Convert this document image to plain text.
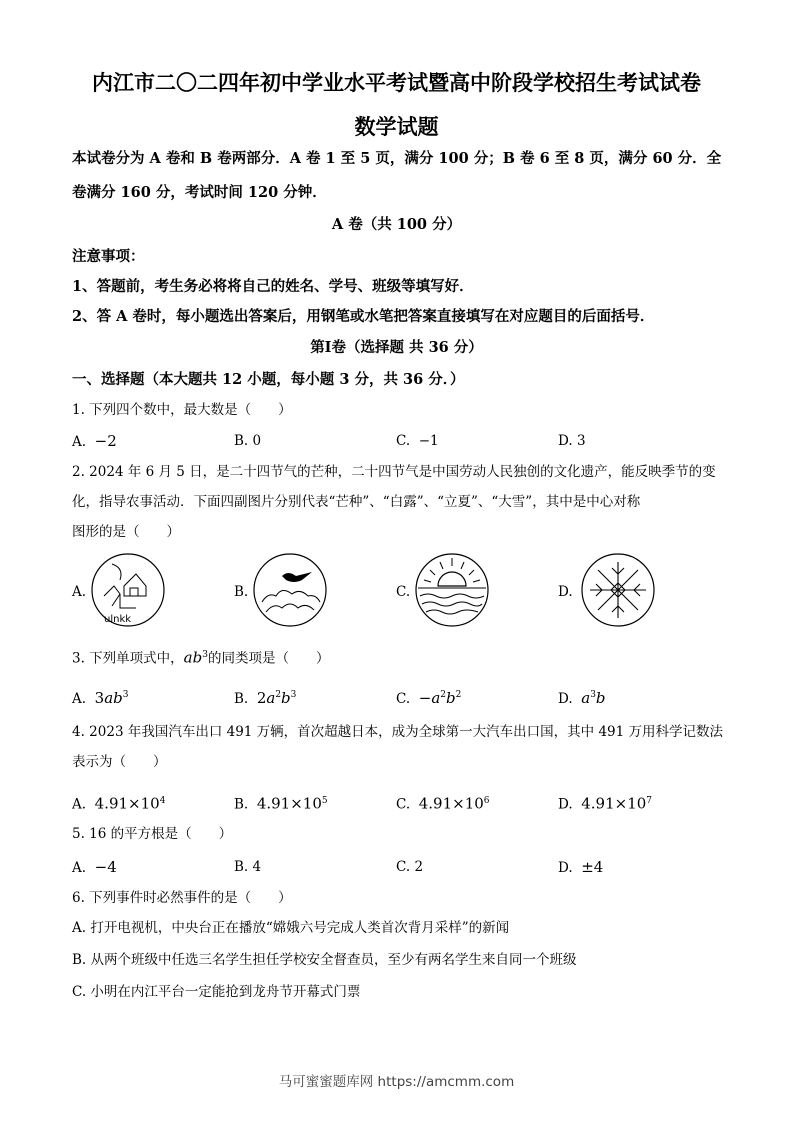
内江市二〇二四年初中学业水平考试暨高中阶段学校招生考试试卷
数学试题
本试卷分为 A 卷和 B 卷两部分．A 卷 1 至 5 页，满分 100 分；B 卷 6 至 8 页，满分 60 分．全
卷满分 160 分，考试时间 120 分钟．
A 卷（共 100 分）
注意事项：
1、答题前，考生务必将将自己的姓名、学号、班级等填写好．
2、答 A 卷时，每小题选出答案后，用钢笔或水笔把答案直接填写在对应题目的后面括号．
第Ⅰ卷（选择题 共 36 分）
一、选择题（本大题共 12 小题，每小题 3 分，共 36 分．）
1. 下列四个数中，最大数是（　　）
A. −2	B. 0	C. −1	D. 3
2. 2024 年 6 月 5 日，是二十四节气的芒种，二十四节气是中国劳动人民独创的文化遗产，能反映季节的变
化，指导农事活动．下面四副图片分别代表“芒种”、“白露”、“立夏”、“大雪”，其中是中心对称
图形的是（　　）
A.
ulnkk
B.	C.	D.
3. 下列单项式中，$ab^3$的同类项是（　　）
A. $3ab^3$	B. $2a^2b^3$	C. $-a^2b^2$	D. $a^3b$
4. 2023 年我国汽车出口 491 万辆，首次超越日本，成为全球第一大汽车出口国，其中 491 万用科学记数法
表示为（　　）
A. $4.91\times 10^4$	B. $4.91\times 10^5$	C. $4.91\times 10^6$	D. $4.91\times 10^7$
5. 16 的平方根是（　　）
A. −4	B. 4	C. 2	D. ±4
6. 下列事件时必然事件的是（　　）
A. 打开电视机，中央台正在播放“嫦娥六号完成人类首次背月采样”的新闻
B. 从两个班级中任选三名学生担任学校安全督查员，至少有两名学生来自同一个班级
C. 小明在内江平台一定能抢到龙舟节开幕式门票
马可蜜蜜题库网 https://amcmm.com
